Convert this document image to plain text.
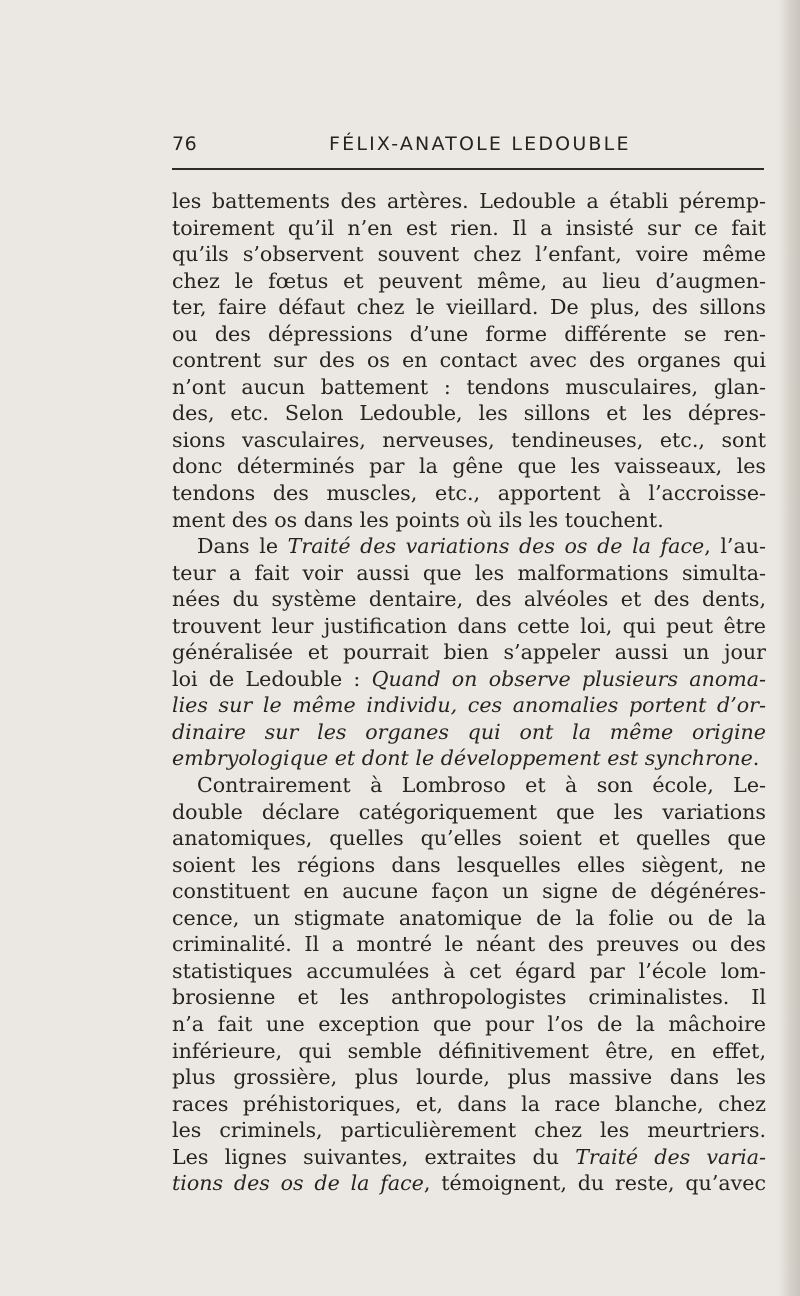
76	FÉLIX-ANATOLE LEDOUBLE
les battements des artères. Ledouble a établi péremp-
toirement qu’il n’en est rien. Il a insisté sur ce fait
qu’ils s’observent souvent chez l’enfant, voire même
chez le fœtus et peuvent même, au lieu d’augmen-
ter, faire défaut chez le vieillard. De plus, des sillons
ou des dépressions d’une forme différente se ren-
contrent sur des os en contact avec des organes qui
n’ont aucun battement : tendons musculaires, glan-
des, etc. Selon Ledouble, les sillons et les dépres-
sions vasculaires, nerveuses, tendineuses, etc., sont
donc déterminés par la gêne que les vaisseaux, les
tendons des muscles, etc., apportent à l’accroisse-
ment des os dans les points où ils les touchent.
Dans le Traité des variations des os de la face, l’au-
teur a fait voir aussi que les malformations simulta-
nées du système dentaire, des alvéoles et des dents,
trouvent leur justification dans cette loi, qui peut être
généralisée et pourrait bien s’appeler aussi un jour
loi de Ledouble : Quand on observe plusieurs anoma-
lies sur le même individu, ces anomalies portent d’or-
dinaire sur les organes qui ont la même origine
embryologique et dont le développement est synchrone.
Contrairement à Lombroso et à son école, Le-
double déclare catégoriquement que les variations
anatomiques, quelles qu’elles soient et quelles que
soient les régions dans lesquelles elles siègent, ne
constituent en aucune façon un signe de dégénéres-
cence, un stigmate anatomique de la folie ou de la
criminalité. Il a montré le néant des preuves ou des
statistiques accumulées à cet égard par l’école lom-
brosienne et les anthropologistes criminalistes. Il
n’a fait une exception que pour l’os de la mâchoire
inférieure, qui semble définitivement être, en effet,
plus grossière, plus lourde, plus massive dans les
races préhistoriques, et, dans la race blanche, chez
les criminels, particulièrement chez les meurtriers.
Les lignes suivantes, extraites du Traité des varia-
tions des os de la face, témoignent, du reste, qu’avec
